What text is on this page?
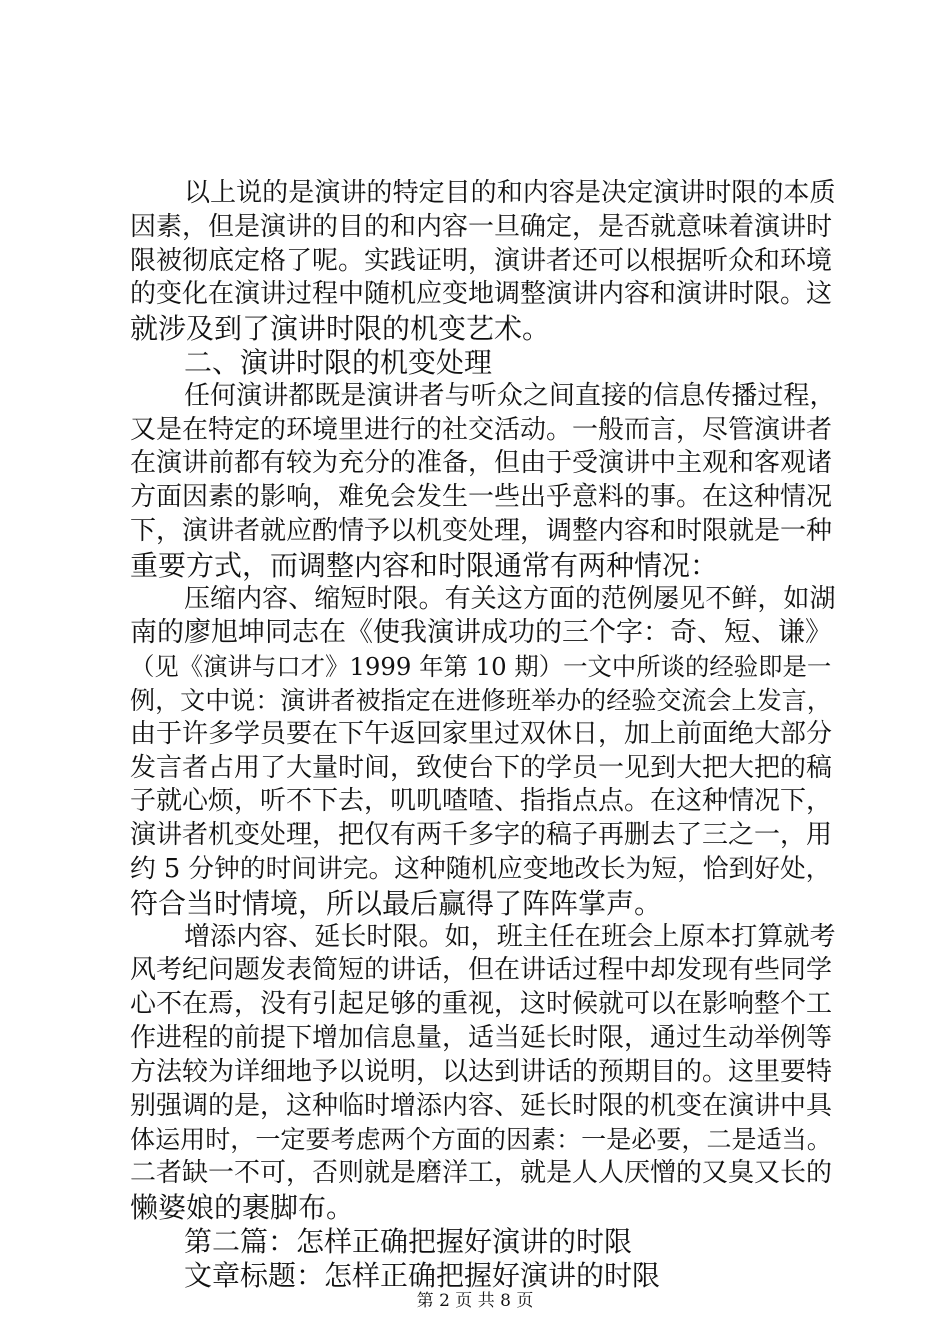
以上说的是演讲的特定目的和内容是决定演讲时限的本质
因素，但是演讲的目的和内容一旦确定，是否就意味着演讲时
限被彻底定格了呢。实践证明，演讲者还可以根据听众和环境
的变化在演讲过程中随机应变地调整演讲内容和演讲时限。这
就涉及到了演讲时限的机变艺术。
二、演讲时限的机变处理
任何演讲都既是演讲者与听众之间直接的信息传播过程，
又是在特定的环境里进行的社交活动。一般而言，尽管演讲者
在演讲前都有较为充分的准备，但由于受演讲中主观和客观诸
方面因素的影响，难免会发生一些出乎意料的事。在这种情况
下，演讲者就应酌情予以机变处理，调整内容和时限就是一种
重要方式，而调整内容和时限通常有两种情况：
压缩内容、缩短时限。有关这方面的范例屡见不鲜，如湖
南的廖旭坤同志在《使我演讲成功的三个字：奇、短、谦》
（见《演讲与口才》1999 年第 10 期）一文中所谈的经验即是一
例，文中说：演讲者被指定在进修班举办的经验交流会上发言，
由于许多学员要在下午返回家里过双休日，加上前面绝大部分
发言者占用了大量时间，致使台下的学员一见到大把大把的稿
子就心烦，听不下去，叽叽喳喳、指指点点。在这种情况下，
演讲者机变处理，把仅有两千多字的稿子再删去了三之一，用
约 5 分钟的时间讲完。这种随机应变地改长为短，恰到好处，
符合当时情境，所以最后赢得了阵阵掌声。
增添内容、延长时限。如，班主任在班会上原本打算就考
风考纪问题发表简短的讲话，但在讲话过程中却发现有些同学
心不在焉，没有引起足够的重视，这时候就可以在影响整个工
作进程的前提下增加信息量，适当延长时限，通过生动举例等
方法较为详细地予以说明，以达到讲话的预期目的。这里要特
别强调的是，这种临时增添内容、延长时限的机变在演讲中具
体运用时，一定要考虑两个方面的因素：一是必要，二是适当。
二者缺一不可，否则就是磨洋工，就是人人厌憎的又臭又长的
懒婆娘的裹脚布。
第二篇：怎样正确把握好演讲的时限
文章标题：怎样正确把握好演讲的时限
第 2 页 共 8 页
